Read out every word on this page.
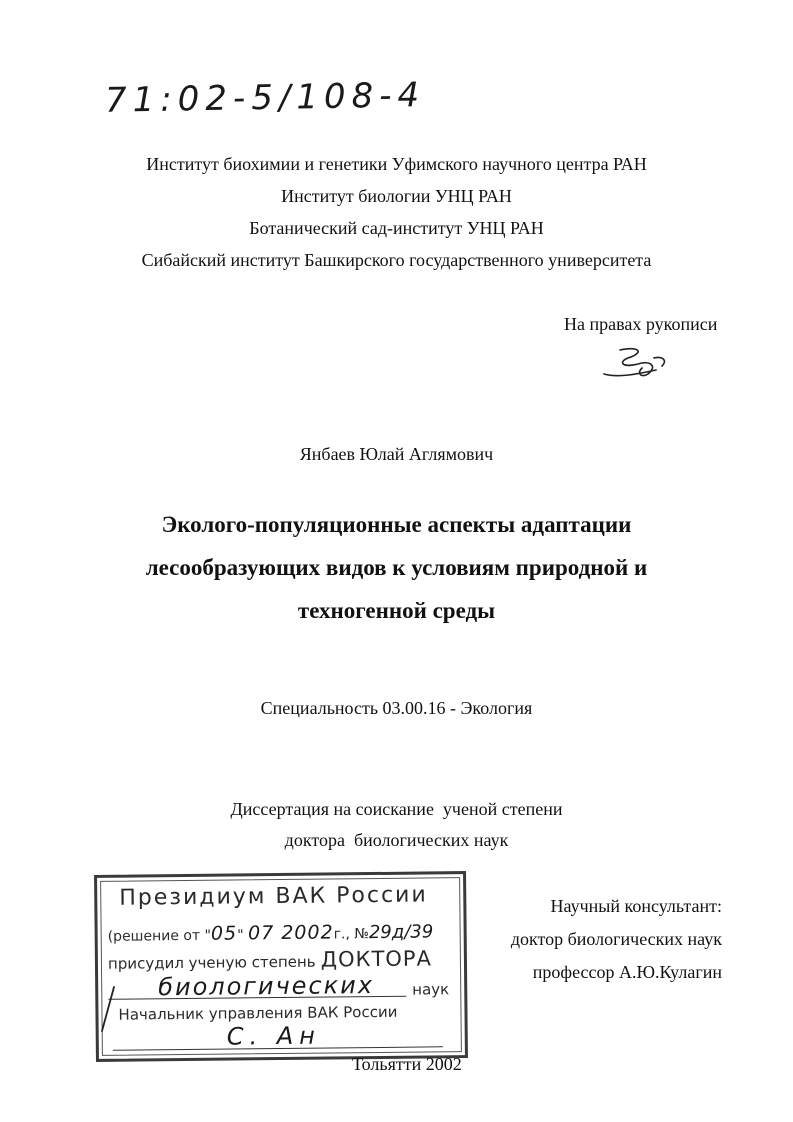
71:02-5/108-4
Институт биохимии и генетики Уфимского научного центра РАН
Институт биологии УНЦ РАН
Ботанический сад-институт УНЦ РАН
Сибайский институт Башкирского государственного университета
На правах рукописи
Янбаев Юлай Аглямович
Эколого-популяционные аспекты адаптации
лесообразующих видов к условиям природной и
техногенной среды
Специальность 03.00.16 - Экология
Диссертация на соискание  ученой степени
доктора  биологических наук
Президиум ВАК России
(решение от "05" 07 2002г., №29д/39
присудил ученую степень ДОКТОРА
биологических	наук
Начальник управления ВАК России
С. Ан
Научный консультант:
доктор биологических наук
профессор А.Ю.Кулагин
Тольятти 2002
